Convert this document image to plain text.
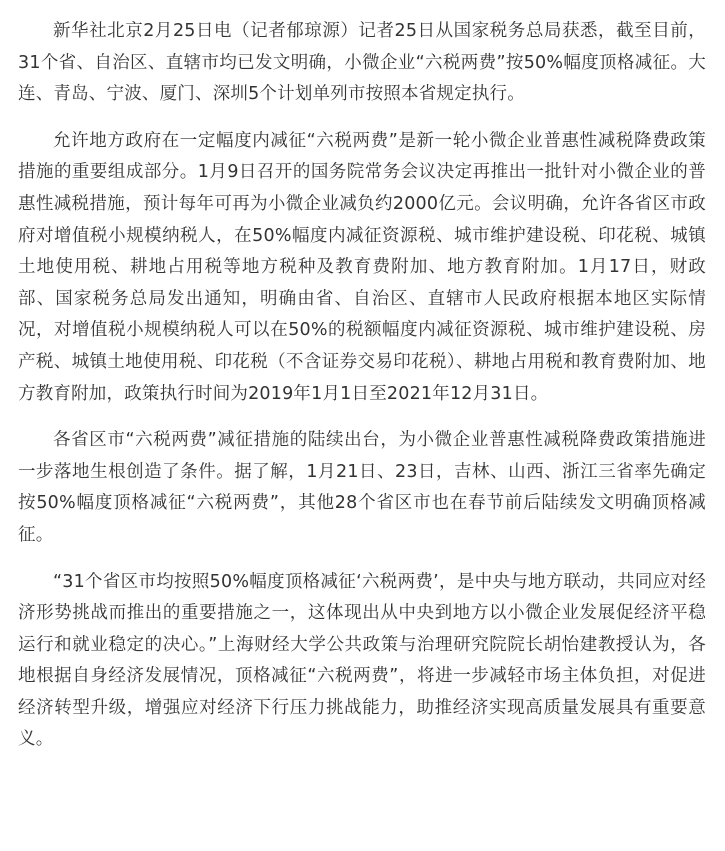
新华社北京2月25日电（记者郁琼源）记者25日从国家税务总局获悉，截至目前，31个省、自治区、直辖市均已发文明确，小微企业“六税两费”按50%幅度顶格减征。大连、青岛、宁波、厦门、深圳5个计划单列市按照本省规定执行。

允许地方政府在一定幅度内减征“六税两费”是新一轮小微企业普惠性减税降费政策措施的重要组成部分。1月9日召开的国务院常务会议决定再推出一批针对小微企业的普惠性减税措施，预计每年可再为小微企业减负约2000亿元。会议明确，允许各省区市政府对增值税小规模纳税人，在50%幅度内减征资源税、城市维护建设税、印花税、城镇土地使用税、耕地占用税等地方税种及教育费附加、地方教育附加。1月17日，财政部、国家税务总局发出通知，明确由省、自治区、直辖市人民政府根据本地区实际情况，对增值税小规模纳税人可以在50%的税额幅度内减征资源税、城市维护建设税、房产税、城镇土地使用税、印花税（不含证券交易印花税）、耕地占用税和教育费附加、地方教育附加，政策执行时间为2019年1月1日至2021年12月31日。

各省区市“六税两费”减征措施的陆续出台，为小微企业普惠性减税降费政策措施进一步落地生根创造了条件。据了解，1月21日、23日，吉林、山西、浙江三省率先确定按50%幅度顶格减征“六税两费”，其他28个省区市也在春节前后陆续发文明确顶格减征。

“31个省区市均按照50%幅度顶格减征‘六税两费’，是中央与地方联动，共同应对经济形势挑战而推出的重要措施之一，这体现出从中央到地方以小微企业发展促经济平稳运行和就业稳定的决心。”上海财经大学公共政策与治理研究院院长胡怡建教授认为，各地根据自身经济发展情况，顶格减征“六税两费”，将进一步减轻市场主体负担，对促进经济转型升级，增强应对经济下行压力挑战能力，助推经济实现高质量发展具有重要意义。
